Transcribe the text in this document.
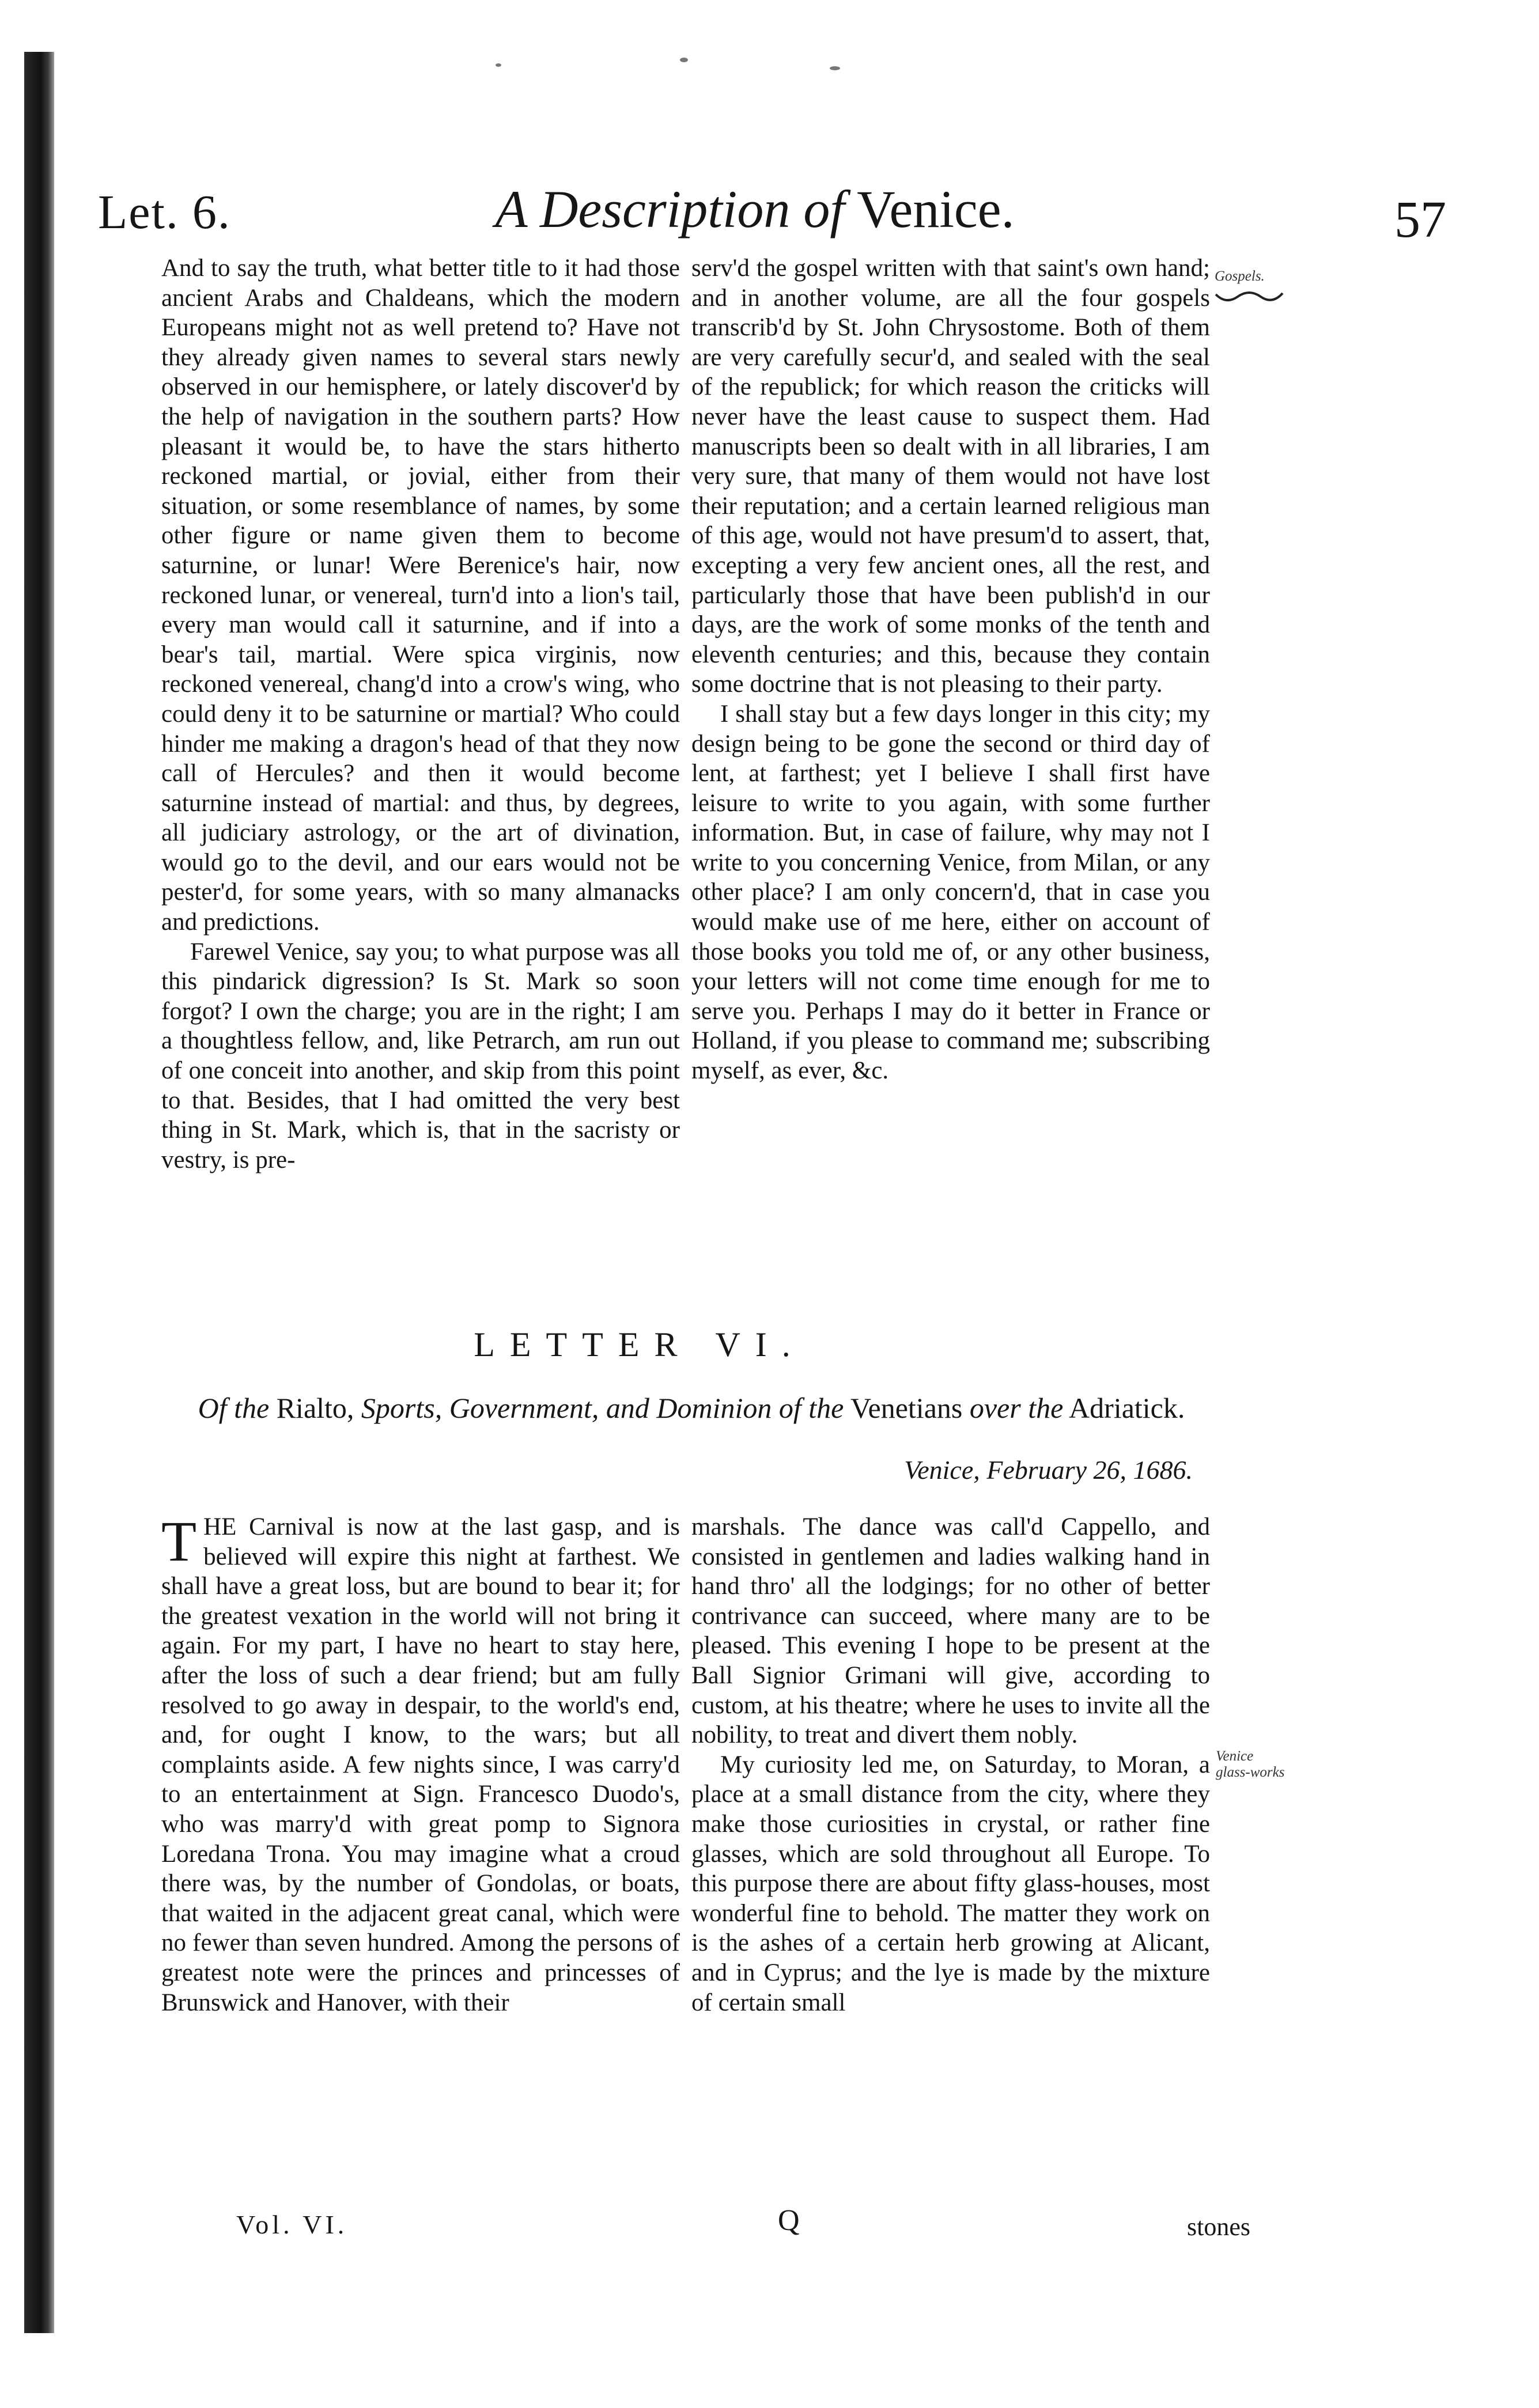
Let. 6.	A Description of Venice.	57

And to say the truth, what better title to it had those ancient Arabs and Chaldeans, which the modern Europeans might not as well pretend to? Have not they already given names to several stars newly observed in our hemisphere, or lately discover'd by the help of navigation in the southern parts? How pleasant it would be, to have the stars hitherto reckoned martial, or jovial, either from their situation, or some resemblance of names, by some other figure or name given them to become saturnine, or lunar! Were Berenice's hair, now reckoned lunar, or venereal, turn'd into a lion's tail, every man would call it saturnine, and if into a bear's tail, martial. Were spica virginis, now reckoned venereal, chang'd into a crow's wing, who could deny it to be saturnine or martial? Who could hinder me making a dragon's head of that they now call of Hercules? and then it would become saturnine instead of martial: and thus, by degrees, all judiciary astrology, or the art of divination, would go to the devil, and our ears would not be pester'd, for some years, with so many almanacks and predictions.

Farewel Venice, say you; to what purpose was all this pindarick digression? Is St. Mark so soon forgot? I own the charge; you are in the right; I am a thoughtless fellow, and, like Petrarch, am run out of one conceit into another, and skip from this point to that. Besides, that I had omitted the very best thing in St. Mark, which is, that in the sacristy or vestry, is pre-

serv'd the gospel written with that saint's own hand; and in another volume, are all the four gospels transcrib'd by St. John Chrysostome. Both of them are very carefully secur'd, and sealed with the seal of the republick; for which reason the criticks will never have the least cause to suspect them. Had manuscripts been so dealt with in all libraries, I am very sure, that many of them would not have lost their reputation; and a certain learned religious man of this age, would not have presum'd to assert, that, excepting a very few ancient ones, all the rest, and particularly those that have been publish'd in our days, are the work of some monks of the tenth and eleventh centuries; and this, because they contain some doctrine that is not pleasing to their party.

I shall stay but a few days longer in this city; my design being to be gone the second or third day of lent, at farthest; yet I believe I shall first have leisure to write to you again, with some further information. But, in case of failure, why may not I write to you concerning Venice, from Milan, or any other place? I am only concern'd, that in case you would make use of me here, either on account of those books you told me of, or any other business, your letters will not come time enough for me to serve you. Perhaps I may do it better in France or Holland, if you please to command me; subscribing myself, as ever, &c.

Gospels.
LETTER VI.
Of the Rialto, Sports, Government, and Dominion of the Venetians over the Adriatick.
Venice, February 26, 1686.
T HE Carnival is now at the last gasp, and is believed will expire this night at farthest. We shall have a great loss, but are bound to bear it; for the greatest vexation in the world will not bring it again. For my part, I have no heart to stay here, after the loss of such a dear friend; but am fully resolved to go away in despair, to the world's end, and, for ought I know, to the wars; but all complaints aside. A few nights since, I was carry'd to an entertainment at Sign. Francesco Duodo's, who was marry'd with great pomp to Signora Loredana Trona. You may imagine what a croud there was, by the number of Gondolas, or boats, that waited in the adjacent great canal, which were no fewer than seven hundred. Among the persons of greatest note were the princes and princesses of Brunswick and Hanover, with their

marshals. The dance was call'd Cappello, and consisted in gentlemen and ladies walking hand in hand thro' all the lodgings; for no other of better contrivance can succeed, where many are to be pleased. This evening I hope to be present at the Ball Signior Grimani will give, according to custom, at his theatre; where he uses to invite all the nobility, to treat and divert them nobly.

My curiosity led me, on Saturday, to Moran, a place at a small distance from the city, where they make those curiosities in crystal, or rather fine glasses, which are sold throughout all Europe. To this purpose there are about fifty glass-houses, most wonderful fine to behold. The matter they work on is the ashes of a certain herb growing at Alicant, and in Cyprus; and the lye is made by the mixture of certain small

Venice glass-works
Vol. VI.	Q	stones
